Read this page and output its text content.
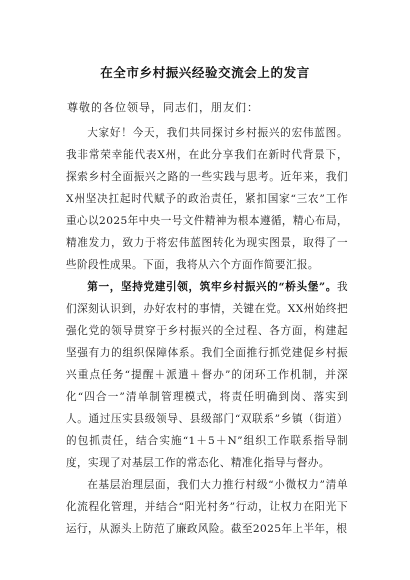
在全市乡村振兴经验交流会上的发言
尊敬的各位领导，同志们，朋友们：

大家好！今天，我们共同探讨乡村振兴的宏伟蓝图。我非常荣幸能代表X州，在此分享我们在新时代背景下，探索乡村全面振兴之路的一些实践与思考。近年来，我们X州坚决扛起时代赋予的政治责任，紧扣国家“三农”工作重心以2025年中央一号文件精神为根本遵循，精心布局，精准发力，致力于将宏伟蓝图转化为现实图景，取得了一些阶段性成果。下面，我将从六个方面作简要汇报。

第一，坚持党建引领，筑牢乡村振兴的“桥头堡”。我们深刻认识到，办好农村的事情，关键在党。XX州始终把强化党的领导贯穿于乡村振兴的全过程、各方面，构建起坚强有力的组织保障体系。我们全面推行抓党建促乡村振兴重点任务“提醒＋派遣＋督办”的闭环工作机制，并深化“四合一”清单制管理模式，将责任明确到岗、落实到人。通过压实县级领导、县级部门“双联系”乡镇（街道）的包抓责任，结合实施“1＋5＋N”组织工作联系指导制度，实现了对基层工作的常态化、精准化指导与督办。

在基层治理层面，我们大力推行村级“小微权力”清单化流程化管理，并结合“阳光村务”行动，让权力在阳光下运行，从源头上防范了廉政风险。截至2025年上半年，根
